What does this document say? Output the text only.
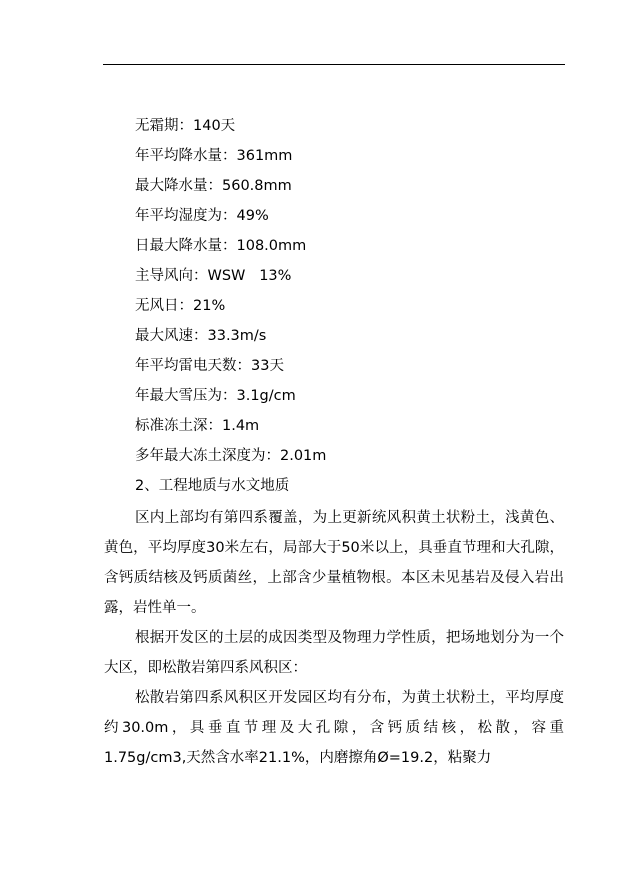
无霜期：140天
年平均降水量：361mm
最大降水量：560.8mm
年平均湿度为：49%
日最大降水量：108.0mm
主导风向：WSW   13%
无风日：21%
最大风速：33.3m/s
年平均雷电天数：33天
年最大雪压为：3.1g/cm
标准冻土深：1.4m
多年最大冻土深度为：2.01m
2、工程地质与水文地质

区内上部均有第四系覆盖，为上更新统风积黄土状粉土，浅黄色、黄色，平均厚度30米左右，局部大于50米以上，具垂直节理和大孔隙，含钙质结核及钙质菌丝，上部含少量植物根。本区未见基岩及侵入岩出露，岩性单一。

根据开发区的土层的成因类型及物理力学性质，把场地划分为一个大区，即松散岩第四系风积区：

松散岩第四系风积区开发园区均有分布，为黄土状粉土，平均厚度约30.0m，具垂直节理及大孔隙，含钙质结核，松散，容重1.75g/cm3,天然含水率21.1%，内磨擦角Ø=19.2，粘聚力
